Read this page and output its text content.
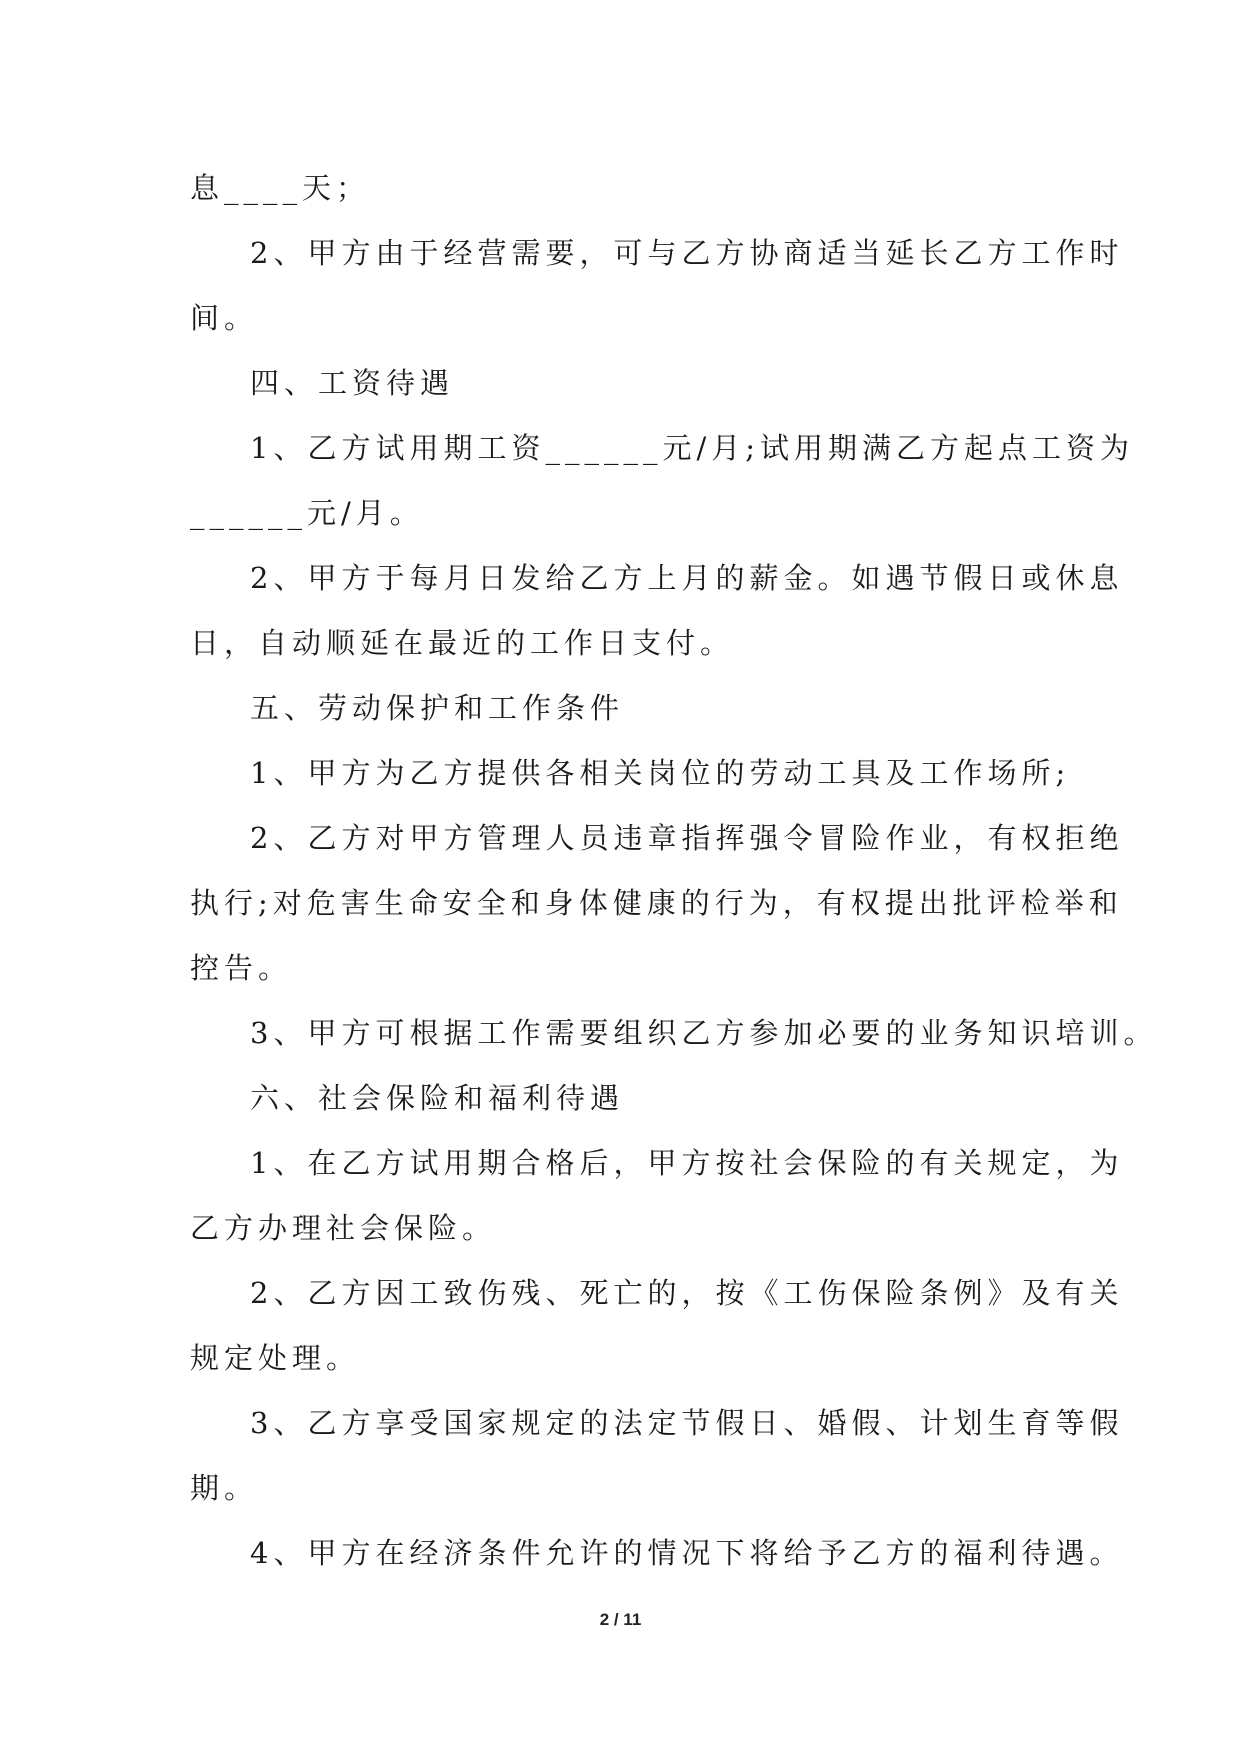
息____天；

2、甲方由于经营需要，可与乙方协商适当延长乙方工作时

间。

四、工资待遇

1、乙方试用期工资______元/月;试用期满乙方起点工资为

______元/月。

2、甲方于每月日发给乙方上月的薪金。如遇节假日或休息

日，自动顺延在最近的工作日支付。

五、劳动保护和工作条件

1、甲方为乙方提供各相关岗位的劳动工具及工作场所;

2、乙方对甲方管理人员违章指挥强令冒险作业，有权拒绝

执行;对危害生命安全和身体健康的行为，有权提出批评检举和

控告。

3、甲方可根据工作需要组织乙方参加必要的业务知识培训。

六、社会保险和福利待遇

1、在乙方试用期合格后，甲方按社会保险的有关规定，为

乙方办理社会保险。

2、乙方因工致伤残、死亡的，按《工伤保险条例》及有关

规定处理。

3、乙方享受国家规定的法定节假日、婚假、计划生育等假

期。

4、甲方在经济条件允许的情况下将给予乙方的福利待遇。

2 / 11
